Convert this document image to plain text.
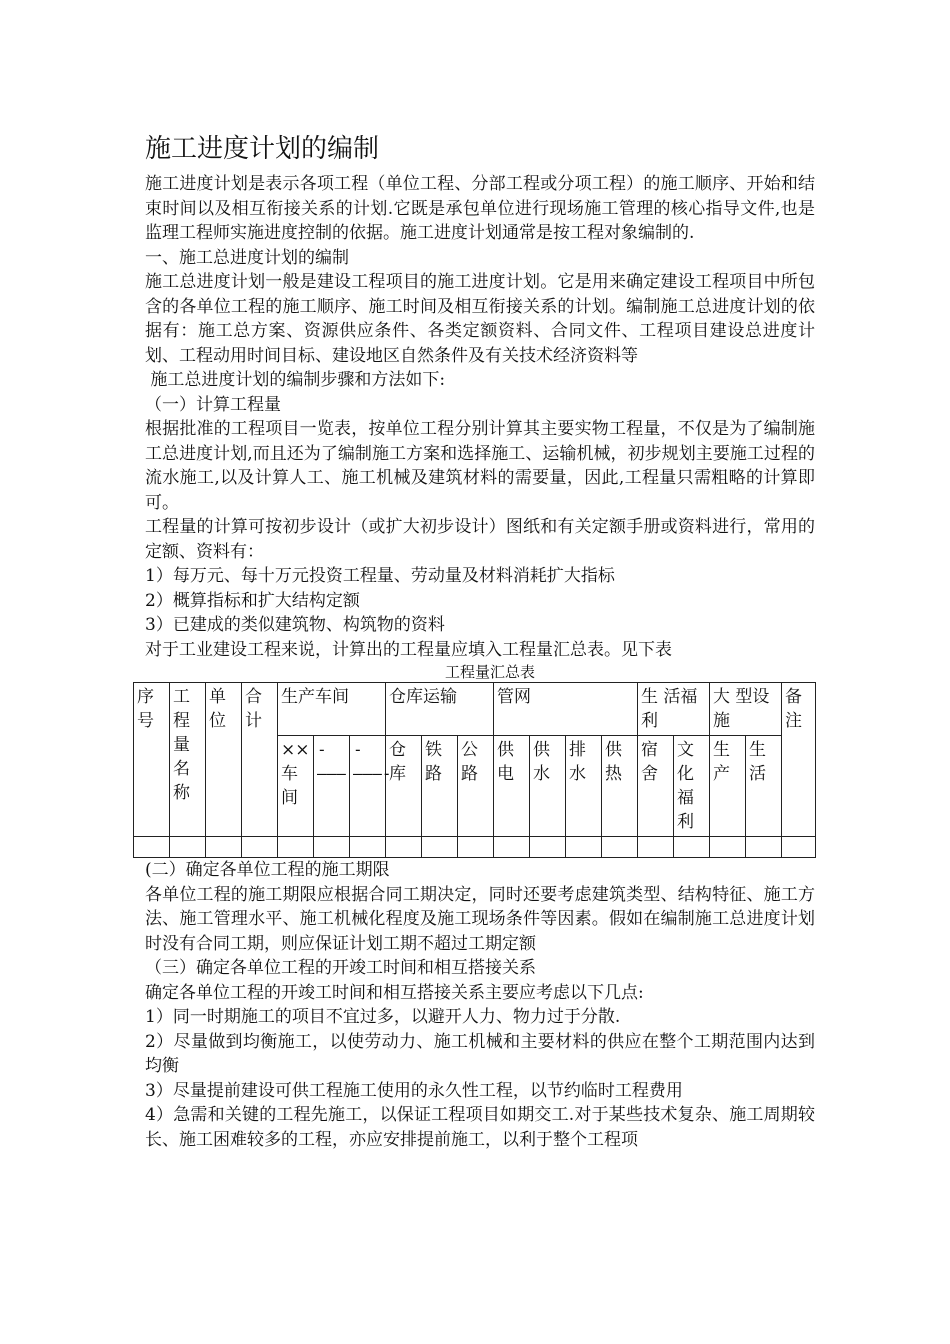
施工进度计划的编制

施工进度计划是表示各项工程（单位工程、分部工程或分项工程）的施工顺序、开始和结束时间以及相互衔接关系的计划.它既是承包单位进行现场施工管理的核心指导文件,也是监理工程师实施进度控制的依据。施工进度计划通常是按工程对象编制的.

一、施工总进度计划的编制

施工总进度计划一般是建设工程项目的施工进度计划。它是用来确定建设工程项目中所包含的各单位工程的施工顺序、施工时间及相互衔接关系的计划。编制施工总进度计划的依据有：施工总方案、资源供应条件、各类定额资料、合同文件、工程项目建设总进度计划、工程动用时间目标、建设地区自然条件及有关技术经济资料等

施工总进度计划的编制步骤和方法如下:

（一）计算工程量

根据批准的工程项目一览表，按单位工程分别计算其主要实物工程量，不仅是为了编制施工总进度计划,而且还为了编制施工方案和选择施工、运输机械，初步规划主要施工过程的流水施工,以及计算人工、施工机械及建筑材料的需要量，因此,工程量只需粗略的计算即可。

工程量的计算可按初步设计（或扩大初步设计）图纸和有关定额手册或资料进行，常用的定额、资料有：

1）每万元、每十万元投资工程量、劳动量及材料消耗扩大指标

2）概算指标和扩大结构定额

3）已建成的类似建筑物、构筑物的资料

对于工业建设工程来说，计算出的工程量应填入工程量汇总表。见下表

工程量汇总表

序号	工程量名称	单位	合计	生产车间			仓库运输			管网				生 活福利		大 型设施		备注
				××车间	-———	-———-	仓库	铁路	公路	供电	供水	排水	供热	宿舍	文化福利	生产	生活	

(二）确定各单位工程的施工期限

各单位工程的施工期限应根据合同工期决定，同时还要考虑建筑类型、结构特征、施工方法、施工管理水平、施工机械化程度及施工现场条件等因素。假如在编制施工总进度计划时没有合同工期，则应保证计划工期不超过工期定额

（三）确定各单位工程的开竣工时间和相互搭接关系

确定各单位工程的开竣工时间和相互搭接关系主要应考虑以下几点:

1）同一时期施工的项目不宜过多，以避开人力、物力过于分散.

2）尽量做到均衡施工，以使劳动力、施工机械和主要材料的供应在整个工期范围内达到均衡

3）尽量提前建设可供工程施工使用的永久性工程，以节约临时工程费用

4）急需和关键的工程先施工，以保证工程项目如期交工.对于某些技术复杂、施工周期较长、施工困难较多的工程，亦应安排提前施工，以利于整个工程项
